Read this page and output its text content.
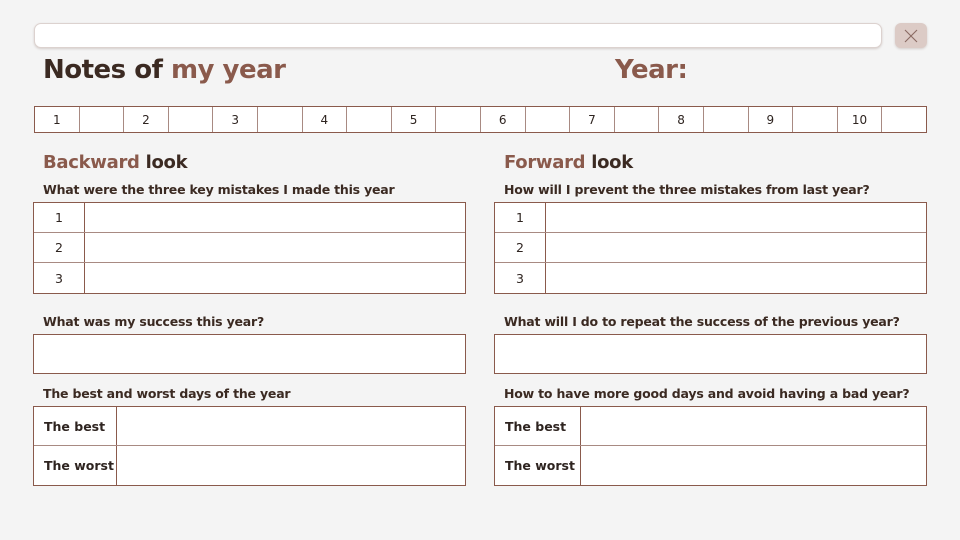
Notes of my year	Year:
1	2	3	4	5	6	7	8	9	10
Backward look
What were the three key mistakes I made this year
1
2
3
What was my success this year?
The best and worst days of the year
The best
The worst
Forward look
How will I prevent the three mistakes from last year?
1
2
3
What will I do to repeat the success of the previous year?
How to have more good days and avoid having a bad year?
The best
The worst
